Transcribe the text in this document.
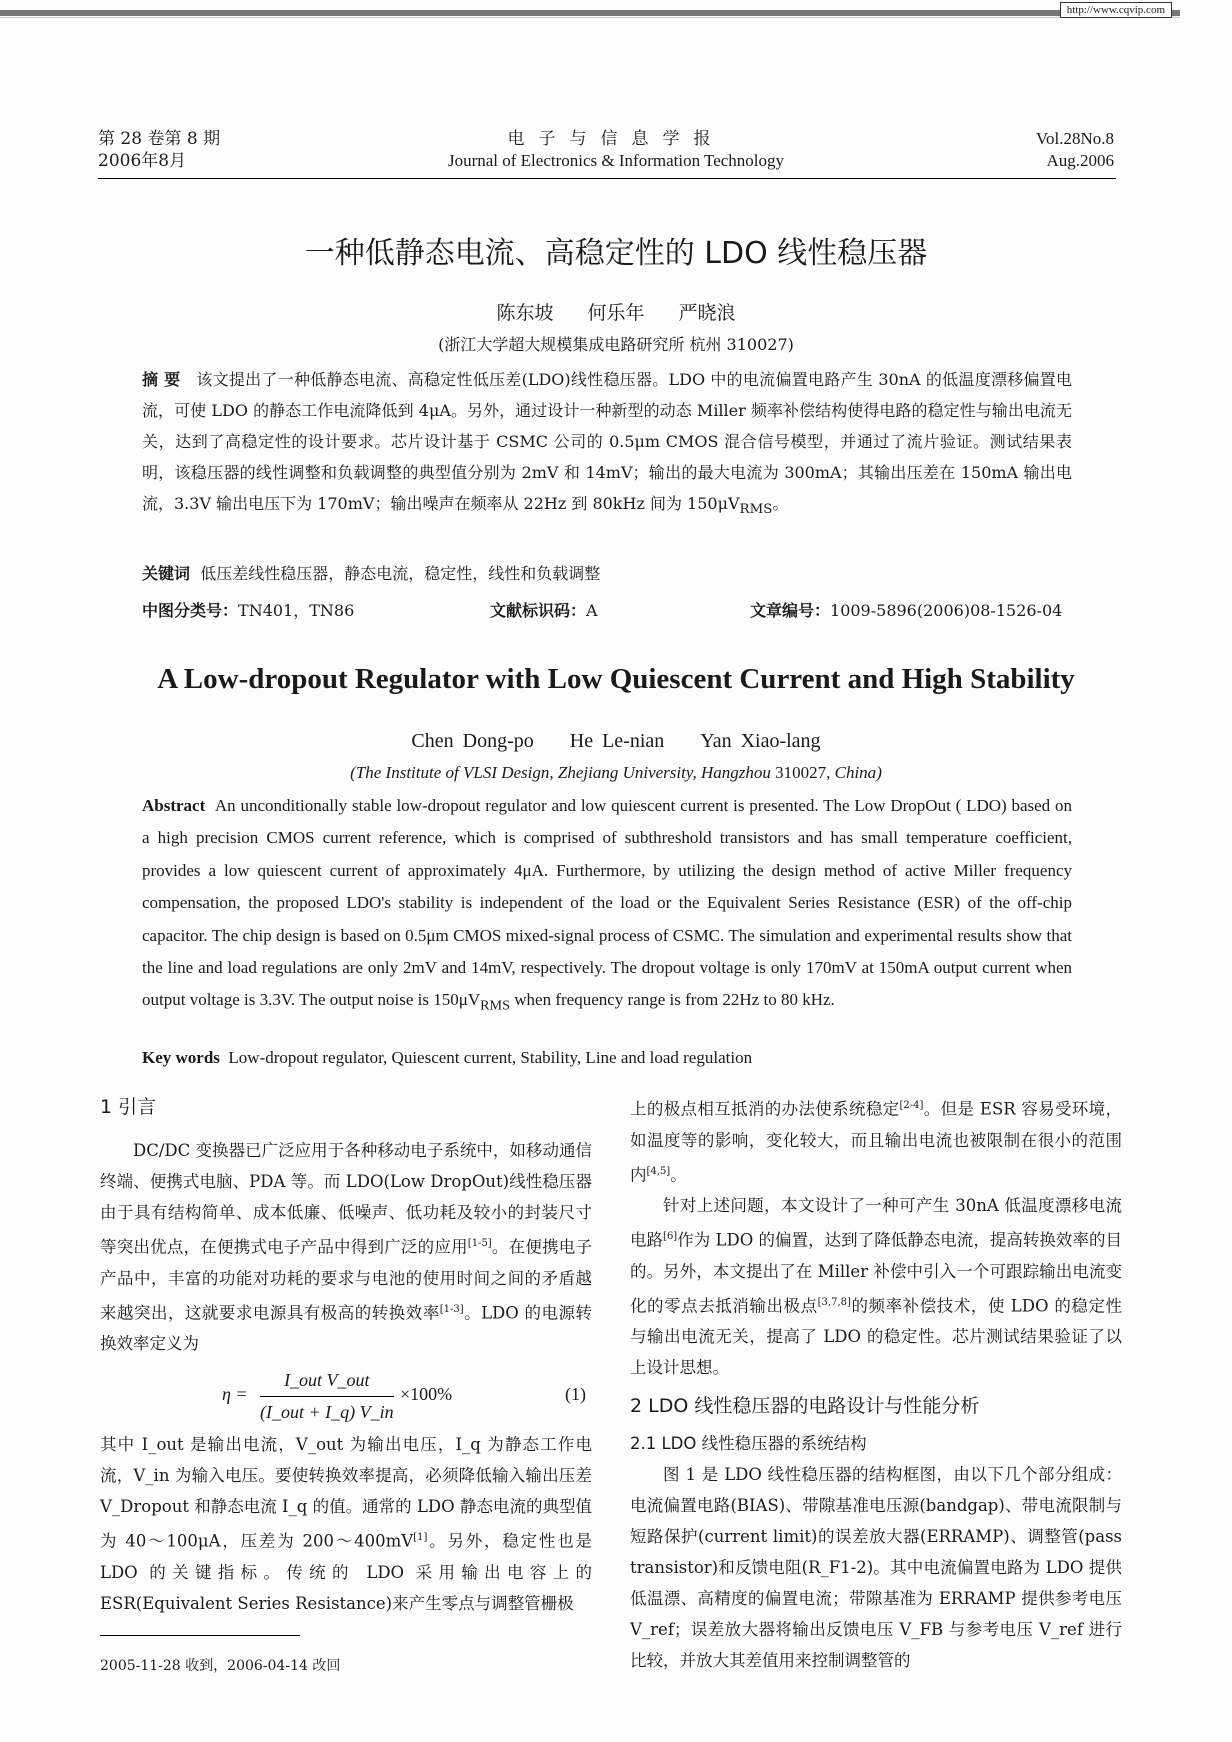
http://www.cqvip.com
第 28 卷第 8 期
2006年8月
电子与信息学报
Journal of Electronics & Information Technology
Vol.28No.8
Aug.2006
一种低静态电流、高稳定性的 LDO 线性稳压器
陈东坡 何乐年 严晓浪
(浙江大学超大规模集成电路研究所 杭州 310027)
摘 要 该文提出了一种低静态电流、高稳定性低压差(LDO)线性稳压器。LDO 中的电流偏置电路产生 30nA 的低温度漂移偏置电流，可使 LDO 的静态工作电流降低到 4μA。另外，通过设计一种新型的动态 Miller 频率补偿结构使得电路的稳定性与输出电流无关，达到了高稳定性的设计要求。芯片设计基于 CSMC 公司的 0.5μm CMOS 混合信号模型，并通过了流片验证。测试结果表明，该稳压器的线性调整和负载调整的典型值分别为 2mV 和 14mV；输出的最大电流为 300mA；其输出压差在 150mA 输出电流，3.3V 输出电压下为 170mV；输出噪声在频率从 22Hz 到 80kHz 间为 $150\mu V_{RMS}$。
关键词 低压差线性稳压器，静态电流，稳定性，线性和负载调整
中图分类号：TN401，TN86	文献标识码：A	文章编号：1009-5896(2006)08-1526-04
A Low-dropout Regulator with Low Quiescent Current and High Stability
Chen Dong-po He Le-nian Yan Xiao-lang
(The Institute of VLSI Design, Zhejiang University, Hangzhou 310027, China)
Abstract An unconditionally stable low-dropout regulator and low quiescent current is presented. The Low DropOut ( LDO) based on a high precision CMOS current reference, which is comprised of subthreshold transistors and has small temperature coefficient, provides a low quiescent current of approximately 4μA. Furthermore, by utilizing the design method of active Miller frequency compensation, the proposed LDO's stability is independent of the load or the Equivalent Series Resistance (ESR) of the off-chip capacitor. The chip design is based on 0.5μm CMOS mixed-signal process of CSMC. The simulation and experimental results show that the line and load regulations are only 2mV and 14mV, respectively. The dropout voltage is only 170mV at 150mA output current when output voltage is 3.3V. The output noise is $150\mu V_{RMS}$ when frequency range is from 22Hz to 80 kHz.
Key words Low-dropout regulator, Quiescent current, Stability, Line and load regulation
1 引言

DC/DC 变换器已广泛应用于各种移动电子系统中，如移动通信终端、便携式电脑、PDA 等。而 LDO(Low DropOut)线性稳压器由于具有结构简单、成本低廉、低噪声、低功耗及较小的封装尺寸等突出优点，在便携式电子产品中得到广泛的应用[1-5]。在便携电子产品中，丰富的功能对功耗的要求与电池的使用时间之间的矛盾越来越突出，这就要求电源具有极高的转换效率[1-3]。LDO 的电源转换效率定义为

η =
I_out V_out
(I_out + I_q) V_in
×100%	(1)

其中 I_out 是输出电流，V_out 为输出电压，I_q 为静态工作电流，V_in 为输入电压。要使转换效率提高，必须降低输入输出压差 V_Dropout 和静态电流 I_q 的值。通常的 LDO 静态电流的典型值为 40～100μA，压差为 200～400mV[1]。另外，稳定性也是 LDO 的关键指标。传统的 LDO 采用输出电容上的 ESR(Equivalent Series Resistance)来产生零点与调整管栅极

上的极点相互抵消的办法使系统稳定[2-4]。但是 ESR 容易受环境，如温度等的影响，变化较大，而且输出电流也被限制在很小的范围内[4,5]。

针对上述问题，本文设计了一种可产生 30nA 低温度漂移电流电路[6]作为 LDO 的偏置，达到了降低静态电流，提高转换效率的目的。另外，本文提出了在 Miller 补偿中引入一个可跟踪输出电流变化的零点去抵消输出极点[3,7,8]的频率补偿技术，使 LDO 的稳定性与输出电流无关，提高了 LDO 的稳定性。芯片测试结果验证了以上设计思想。

2 LDO 线性稳压器的电路设计与性能分析
2.1 LDO 线性稳压器的系统结构

图 1 是 LDO 线性稳压器的结构框图，由以下几个部分组成：电流偏置电路(BIAS)、带隙基准电压源(bandgap)、带电流限制与短路保护(current limit)的误差放大器(ERRAMP)、调整管(pass transistor)和反馈电阻(R_F1-2)。其中电流偏置电路为 LDO 提供低温漂、高精度的偏置电流；带隙基准为 ERRAMP 提供参考电压 V_ref；误差放大器将输出反馈电压 V_FB 与参考电压 V_ref 进行比较，并放大其差值用来控制调整管的

2005-11-28 收到，2006-04-14 改回
